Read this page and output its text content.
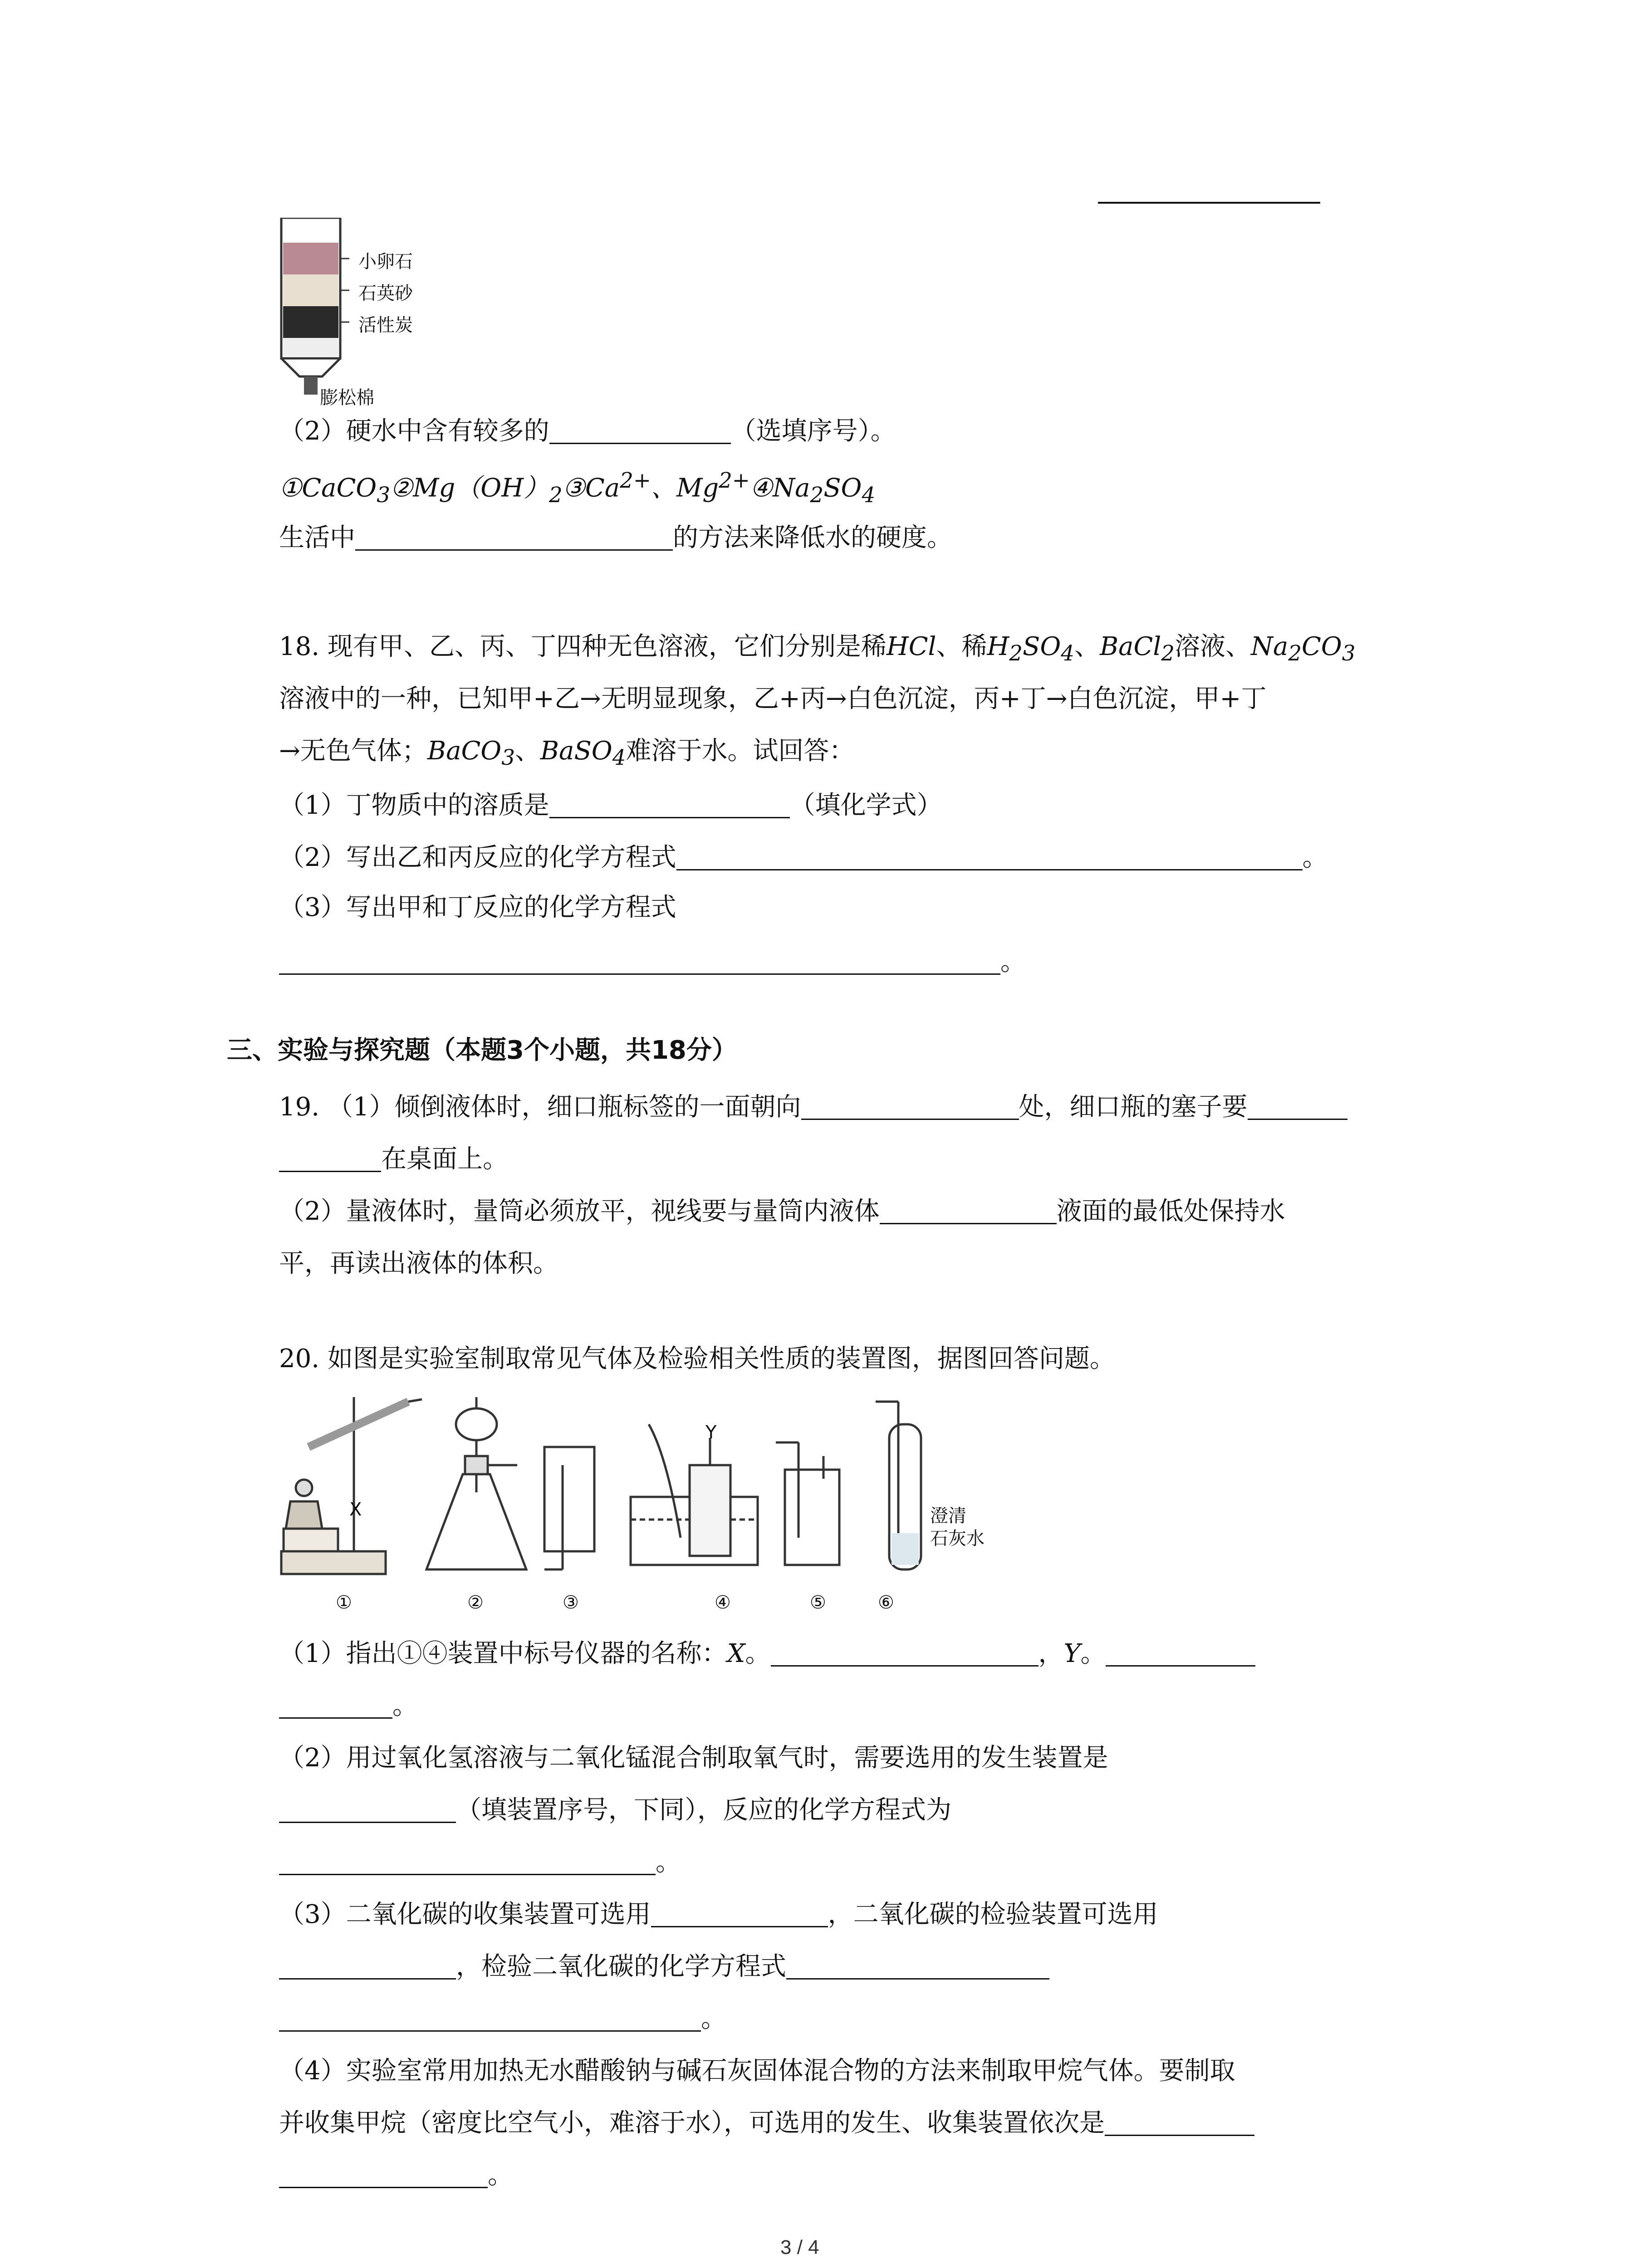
小卵石
石英砂
活性炭
膨松棉
（2）硬水中含有较多的	（选填序号）。
$①CaCO_3②Mg(OH)_2③Ca^{2+}$、$Mg^{2+}④Na_2SO_4$
生活中	的方法来降低水的硬度。
18. 现有甲、乙、丙、丁四种无色溶液，它们分别是稀HCl、稀$H_2SO_4$、BaCl$_2$溶液、$Na_2CO_3$
溶液中的一种，已知甲+乙→无明显现象，乙+丙→白色沉淀，丙+丁→白色沉淀，甲+丁
→无色气体；BaCO$_3$、BaSO$_4$难溶于水。试回答：
（1）丁物质中的溶质是	（填化学式）
（2）写出乙和丙反应的化学方程式	。
（3）写出甲和丁反应的化学方程式
。
三、实验与探究题（本题3个小题，共18分）
19. （1）倾倒液体时，细口瓶标签的一面朝向	处，细口瓶的塞子要
在桌面上。
（2）量液体时，量筒必须放平，视线要与量筒内液体	液面的最低处保持水
平，再读出液体的体积。
20. 如图是实验室制取常见气体及检验相关性质的装置图，据图回答问题。
X
Y
澄清
石灰水
①	②	③	④	⑤	⑥
（1）指出①④装置中标号仪器的名称：X。	，Y。
。
（2）用过氧化氢溶液与二氧化锰混合制取氧气时，需要选用的发生装置是
（填装置序号，下同），反应的化学方程式为
。
（3）二氧化碳的收集装置可选用	，二氧化碳的检验装置可选用
，检验二氧化碳的化学方程式
。
（4）实验室常用加热无水醋酸钠与碱石灰固体混合物的方法来制取甲烷气体。要制取
并收集甲烷（密度比空气小，难溶于水），可选用的发生、收集装置依次是
。
3 / 4
